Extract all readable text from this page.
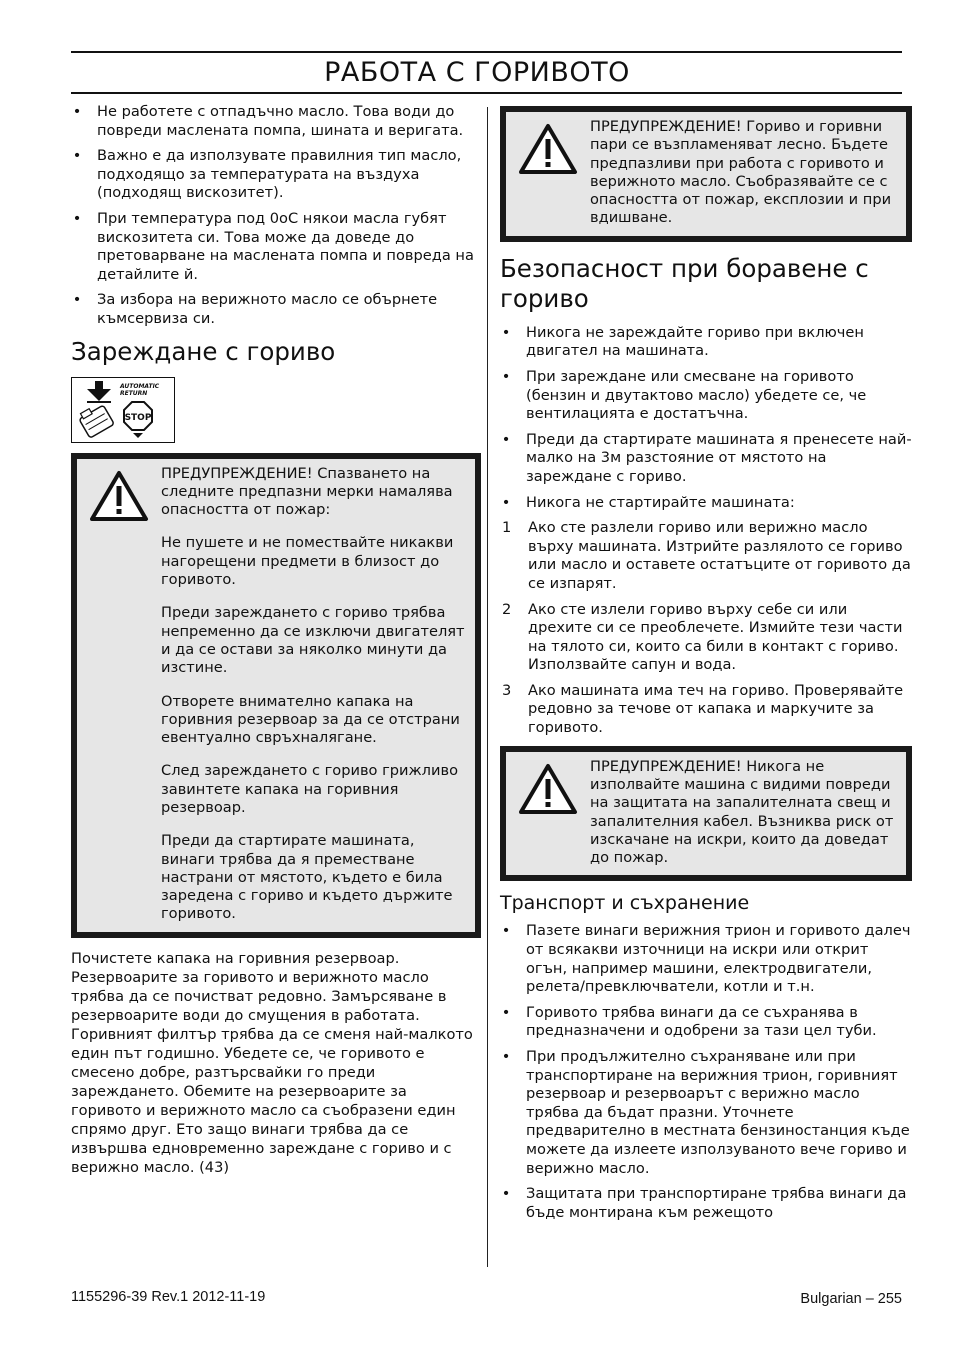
РАБОТА С ГОРИВОТО
• Не работете с отпадъчно масло. Това води до повреди маслената помпа, шината и веригата.
• Важно е да използувате правилния тип масло, подходящо за температурата на въздуха (подходящ вискозитет).
• При температура под 0oC някои масла губят вискозитета си. Това може да доведе до претоварване на маслената помпа и повреда на детайлите й.
• За избора на верижното масло се обърнете къмсервиза си.
Зареждане с гориво
AUTOMATIC
RETURN
STOP

ПРЕДУПРЕЖДЕНИЕ! Спазването на следните предпазни мерки намалява опасността от пожар:

Не пушете и не помествайте никакви нагорещени предмети в близост до горивото.

Преди зареждането с гориво трябва непременно да се изключи двигателят и да се остави за няколко минути да изстине.

Отворете внимателно капака на горивния резервоар за да се отстрани евентуално свръхналягане.

След зареждането с гориво грижливо завинтете капака на горивния резервоар.

Преди да стартирате машината, винаги трябва да я преместване настрани от мястото, където е била заредена с гориво и където държите горивото.

Почистете капака на горивния резервоар. Резервоарите за горивото и верижното масло трябва да се почистват редовно. Замърсяване в резервоарите води до смущения в работата. Горивният филтър трябва да се сменя най-малкото един път годишно. Убедете се, че горивото е смесено добре, разтърсвайки го преди зареждането. Обемите на резервоарите за горивото и верижното масло са съобразени един спрямо друг. Ето защо винаги трябва да се извършва едновременно зареждане с гориво и с верижно масло. (43)

ПРЕДУПРЕЖДЕНИЕ! Гориво и горивни пари се възпламеняват лесно. Бъдете предпазливи при работа с горивото и верижното масло. Съобразявайте се с опасността от пожар, експлозии и при вдишване.

Безопасност при боравене с гориво
• Никога не зареждайте гориво при включен двигател на машината.
• При зареждане или смесване на горивото (бензин и двутактово масло) убедете се, че вентилацията е достатъчна.
• Преди да стартирате машината я пренесете най-малко на 3м разстояние от мястото на зареждане с гориво.
• Никога не стартирайте машината:
1 Ако сте разлели гориво или верижно масло върху машината. Изтрийте разлялото се гориво или масло и оставете остатъците от горивото да се изпарят.
2 Ако сте излели гориво върху себе си или дрехите си се преоблечете. Измийте тези части на тялото си, които са били в контакт с гориво. Използвайте сапун и вода.
3 Ако машината има теч на гориво. Проверявайте редовно за течове от капака и маркучите за горивото.

ПРЕДУПРЕЖДЕНИЕ! Никога не изполвайте машина с видими повреди на защитата на запалителната свещ и запалителния кабел. Възниква риск от изскачане на искри, които да доведат до пожар.

Транспорт и съхранение
• Пазете винаги верижния трион и горивото далеч от всякакви източници на искри или открит огън, например машини, електродвигатели, релета/превключватели, котли и т.н.
• Горивото трябва винаги да се съхранява в предназначени и одобрени за тази цел туби.
• При продължително съхраняване или при транспортиране на верижния трион, горивният резервоар и резервоарът с верижно масло трябва да бъдат празни. Уточнете предварително в местната бензиностанция къде можете да излеете използуваното вече гориво и верижно масло.
• Защитата при транспортиране трябва винаги да бъде монтирана към режещото
1155296-39 Rev.1 2012-11-19	Bulgarian – 255
